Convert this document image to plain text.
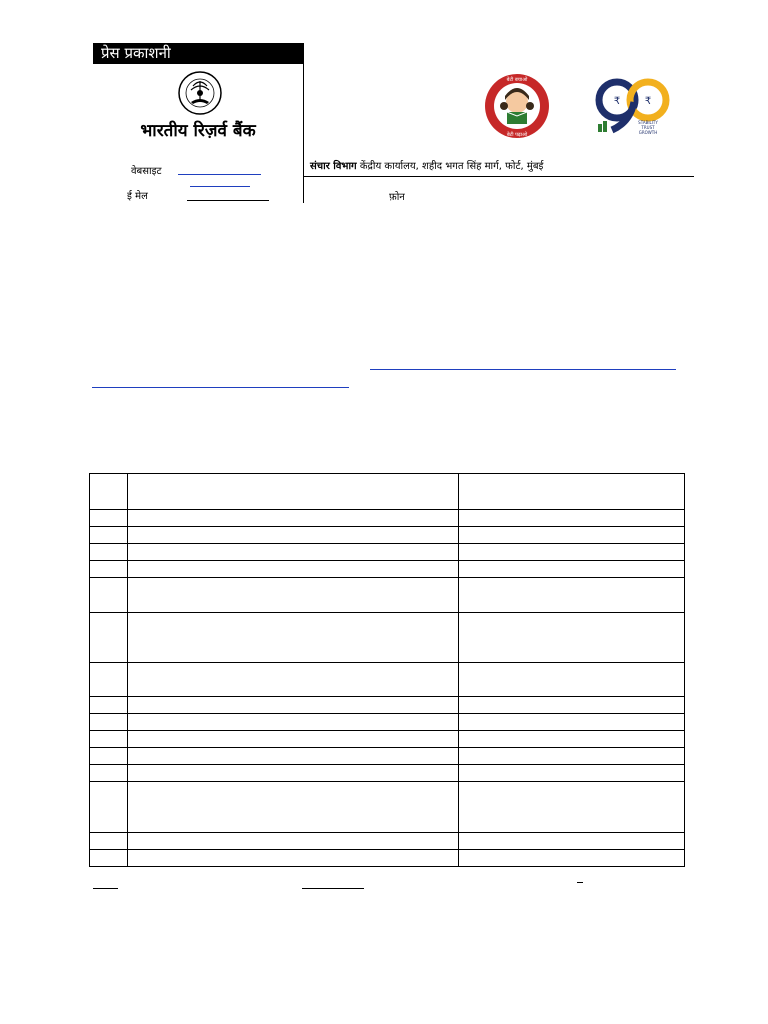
प्रेस प्रकाशनी
भारतीय रिज़र्व बैंक
वेबसाइट
ई मेल
संचार विभाग केंद्रीय कार्यालय, शहीद भगत सिंह मार्ग, फोर्ट, मुंबई
फ़ोन
बेटी बचाओ
बेटी पढ़ाओ
₹ ₹
STABILITY
TRUST
GROWTH
